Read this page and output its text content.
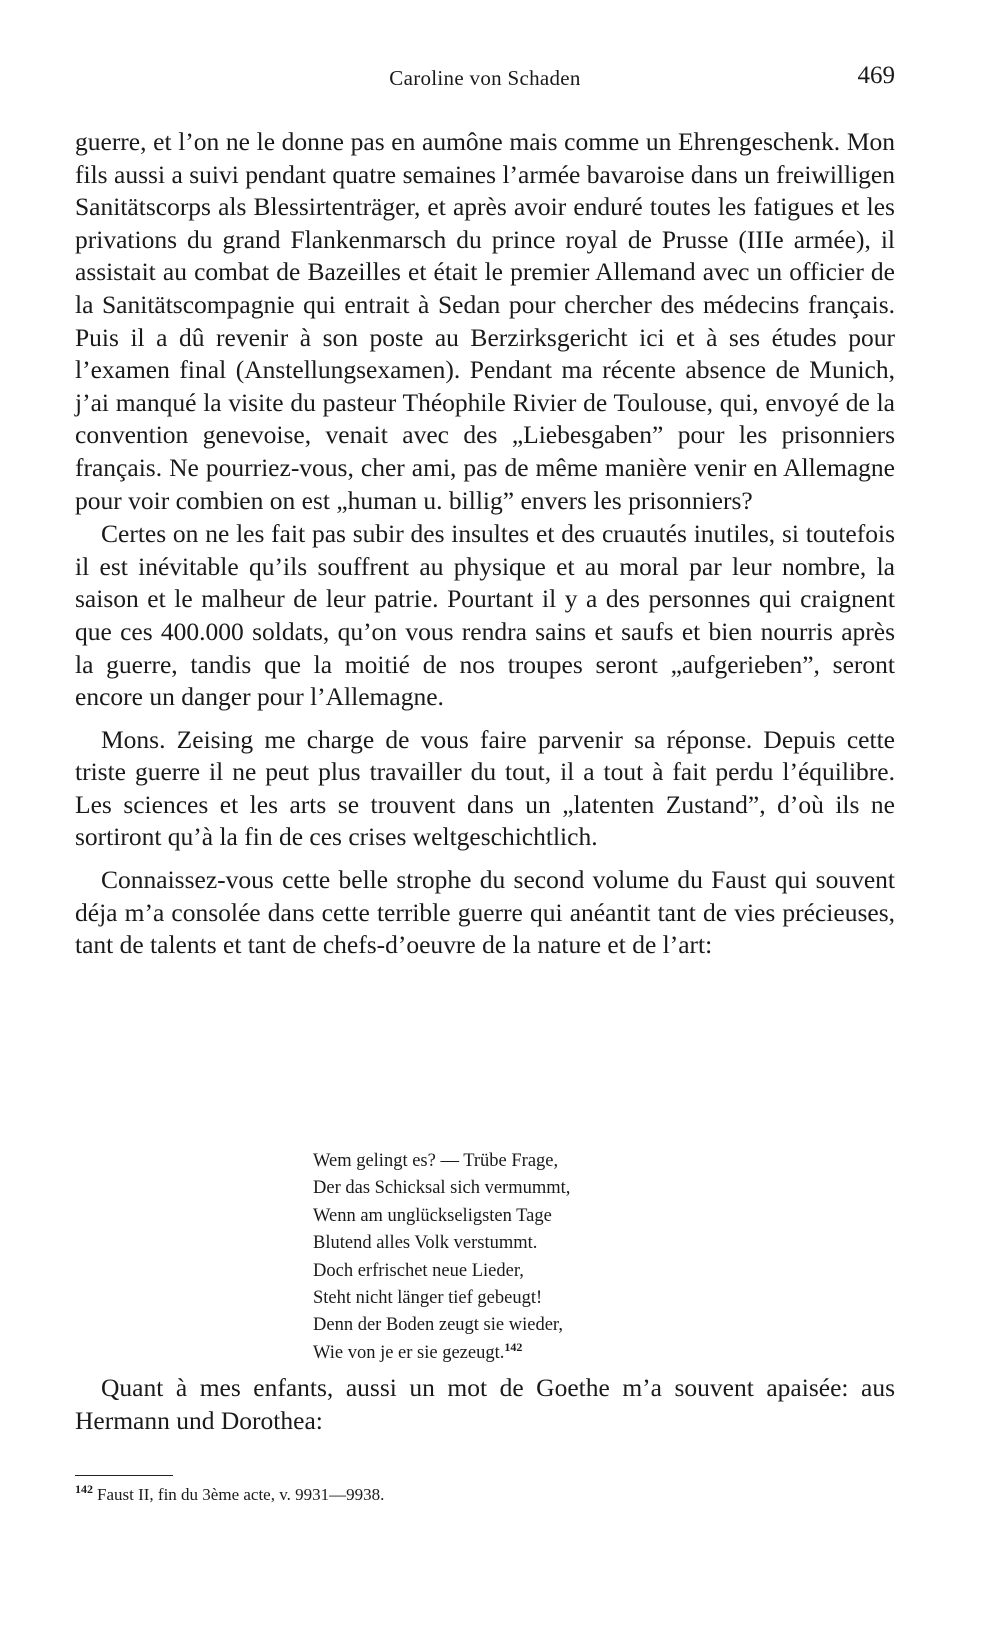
Caroline von Schaden	469

guerre, et l’on ne le donne pas en aumône mais comme un Ehrengeschenk. Mon fils aussi a suivi pendant quatre semaines l’armée bavaroise dans un freiwilligen Sanitätscorps als Blessirtenträger, et après avoir enduré toutes les fatigues et les privations du grand Flankenmarsch du prince royal de Prusse (IIIe armée), il assistait au combat de Bazeilles et était le premier Allemand avec un officier de la Sanitätscompagnie qui entrait à Sedan pour chercher des médecins français. Puis il a dû revenir à son poste au Berzirksgericht ici et à ses études pour l’examen final (Anstellungsexamen). Pendant ma récente absence de Munich, j’ai manqué la visite du pasteur Théophile Rivier de Toulouse, qui, envoyé de la convention genevoise, venait avec des „Liebesgaben” pour les prisonniers français. Ne pourriez-vous, cher ami, pas de même manière venir en Allemagne pour voir combien on est „human u. billig” envers les prisonniers?

Certes on ne les fait pas subir des insultes et des cruautés inutiles, si toutefois il est inévitable qu’ils souffrent au physique et au moral par leur nombre, la saison et le malheur de leur patrie. Pourtant il y a des personnes qui craignent que ces 400.000 soldats, qu’on vous rendra sains et saufs et bien nourris après la guerre, tandis que la moitié de nos troupes seront „aufgerieben”, seront encore un danger pour l’Allemagne.

Mons. Zeising me charge de vous faire parvenir sa réponse. Depuis cette triste guerre il ne peut plus travailler du tout, il a tout à fait perdu l’équilibre. Les sciences et les arts se trouvent dans un „latenten Zustand”, d’où ils ne sortiront qu’à la fin de ces crises weltgeschichtlich.

Connaissez-vous cette belle strophe du second volume du Faust qui souvent déja m’a consolée dans cette terrible guerre qui anéantit tant de vies précieuses, tant de talents et tant de chefs-d’oeuvre de la nature et de l’art:

Wem gelingt es? — Trübe Frage,
Der das Schicksal sich vermummt,
Wenn am unglückseligsten Tage
Blutend alles Volk verstummt.
Doch erfrischet neue Lieder,
Steht nicht länger tief gebeugt!
Denn der Boden zeugt sie wieder,
Wie von je er sie gezeugt.$^{142}$

Quant à mes enfants, aussi un mot de Goethe m’a souvent apaisée: aus Hermann und Dorothea:

$^{142}$ Faust II, fin du 3ème acte, v. 9931—9938.
